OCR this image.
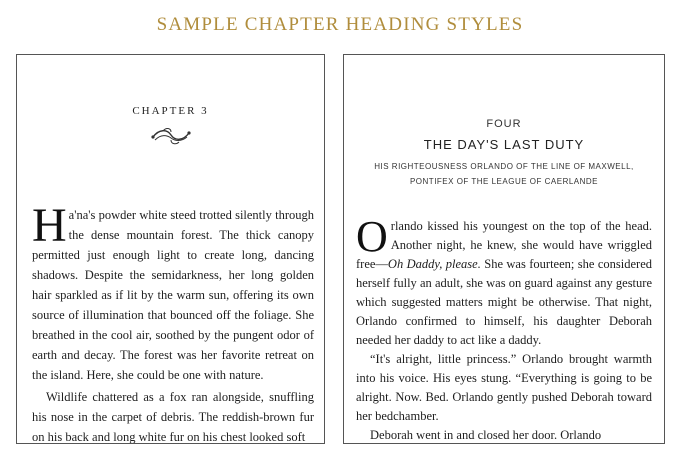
SAMPLE CHAPTER HEADING STYLES
CHAPTER 3

Ha'na's powder white steed trotted silently through the dense mountain forest. The thick canopy permitted just enough light to create long, dancing shadows. Despite the semidarkness, her long golden hair sparkled as if lit by the warm sun, offering its own source of illumination that bounced off the foliage. She breathed in the cool air, soothed by the pungent odor of earth and decay. The forest was her favorite retreat on the island. Here, she could be one with nature.

Wildlife chattered as a fox ran alongside, snuffling his nose in the carpet of debris. The reddish-brown fur on his back and long white fur on his chest looked soft

FOUR
THE DAY'S LAST DUTY
HIS RIGHTEOUSNESS ORLANDO OF THE LINE OF MAXWELL,
PONTIFEX OF THE LEAGUE OF CAERLANDE

Orlando kissed his youngest on the top of the head. Another night, he knew, she would have wriggled free—Oh Daddy, please. She was fourteen; she considered herself fully an adult, she was on guard against any gesture which suggested matters might be otherwise. That night, Orlando confirmed to himself, his daughter Deborah needed her daddy to act like a daddy.

“It's alright, little princess.” Orlando brought warmth into his voice. His eyes stung. “Everything is going to be alright. Now. Bed. Orlando gently pushed Deborah toward her bedchamber.

Deborah went in and closed her door. Orlando
